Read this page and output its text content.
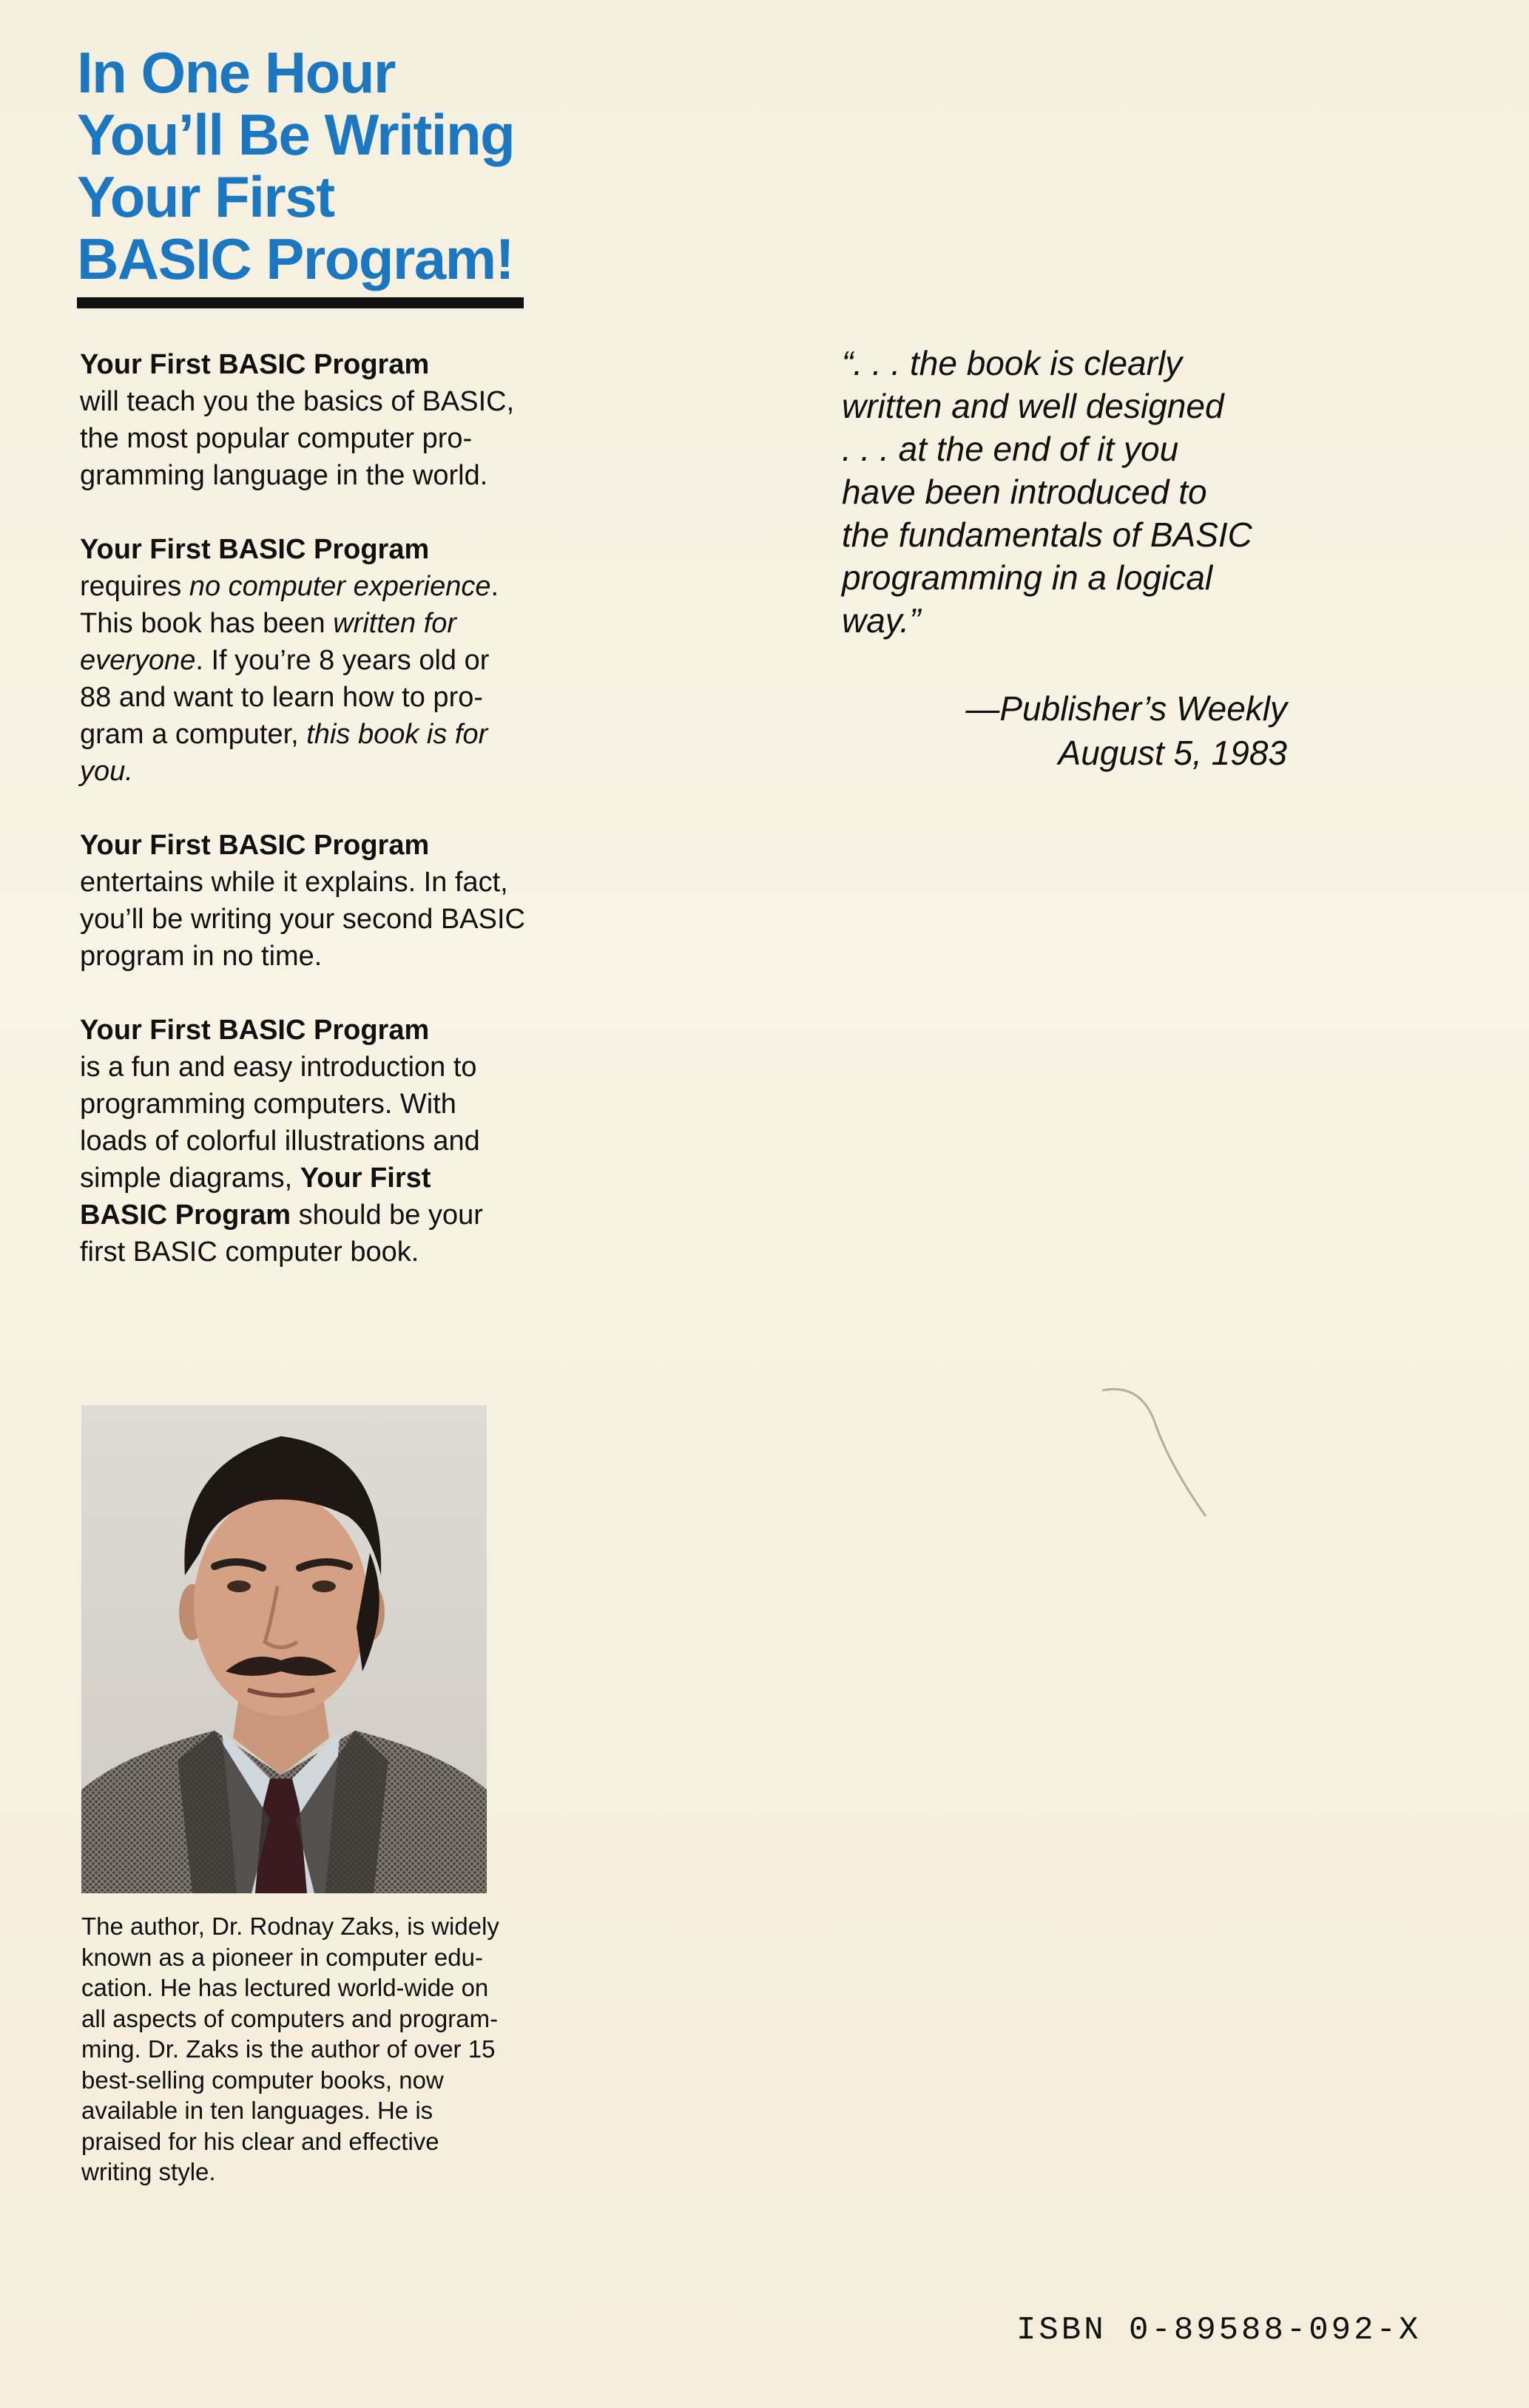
In One Hour
You’ll Be Writing
Your First
BASIC Program!

Your First BASIC Program
will teach you the basics of BASIC,
the most popular computer pro-
gramming language in the world.

Your First BASIC Program
requires no computer experience.
This book has been written for
everyone. If you’re 8 years old or
88 and want to learn how to pro-
gram a computer, this book is for
you.

Your First BASIC Program
entertains while it explains. In fact,
you’ll be writing your second BASIC
program in no time.

Your First BASIC Program
is a fun and easy introduction to
programming computers. With
loads of colorful illustrations and
simple diagrams, Your First
BASIC Program should be your
first BASIC computer book.

“. . . the book is clearly
written and well designed
. . . at the end of it you
have been introduced to
the fundamentals of BASIC
programming in a logical
way.”
—Publisher’s Weekly
August 5, 1983
The author, Dr. Rodnay Zaks, is widely
known as a pioneer in computer edu-
cation. He has lectured world-wide on
all aspects of computers and program-
ming. Dr. Zaks is the author of over 15
best-selling computer books, now
available in ten languages. He is
praised for his clear and effective
writing style.
ISBN 0-89588-092-X
